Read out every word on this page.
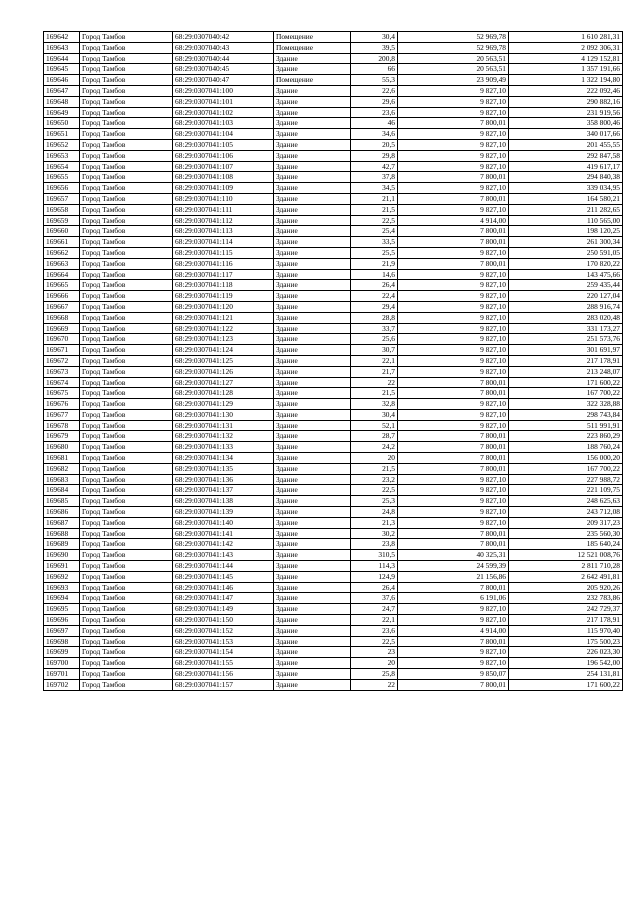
169642	Город Тамбов	68:29:0307040:42	Помещение	30,4	52 969,78	1 610 281,31
169643	Город Тамбов	68:29:0307040:43	Помещение	39,5	52 969,78	2 092 306,31
169644	Город Тамбов	68:29:0307040:44	Здание	200,8	20 563,51	4 129 152,81
169645	Город Тамбов	68:29:0307040:45	Здание	66	20 563,51	1 357 191,66
169646	Город Тамбов	68:29:0307040:47	Помещение	55,3	23 909,49	1 322 194,80
169647	Город Тамбов	68:29:0307041:100	Здание	22,6	9 827,10	222 092,46
169648	Город Тамбов	68:29:0307041:101	Здание	29,6	9 827,10	290 882,16
169649	Город Тамбов	68:29:0307041:102	Здание	23,6	9 827,10	231 919,56
169650	Город Тамбов	68:29:0307041:103	Здание	46	7 800,01	358 800,46
169651	Город Тамбов	68:29:0307041:104	Здание	34,6	9 827,10	340 017,66
169652	Город Тамбов	68:29:0307041:105	Здание	20,5	9 827,10	201 455,55
169653	Город Тамбов	68:29:0307041:106	Здание	29,8	9 827,10	292 847,58
169654	Город Тамбов	68:29:0307041:107	Здание	42,7	9 827,10	419 617,17
169655	Город Тамбов	68:29:0307041:108	Здание	37,8	7 800,01	294 840,38
169656	Город Тамбов	68:29:0307041:109	Здание	34,5	9 827,10	339 034,95
169657	Город Тамбов	68:29:0307041:110	Здание	21,1	7 800,01	164 580,21
169658	Город Тамбов	68:29:0307041:111	Здание	21,5	9 827,10	211 282,65
169659	Город Тамбов	68:29:0307041:112	Здание	22,5	4 914,00	110 565,00
169660	Город Тамбов	68:29:0307041:113	Здание	25,4	7 800,01	198 120,25
169661	Город Тамбов	68:29:0307041:114	Здание	33,5	7 800,01	261 300,34
169662	Город Тамбов	68:29:0307041:115	Здание	25,5	9 827,10	250 591,05
169663	Город Тамбов	68:29:0307041:116	Здание	21,9	7 800,01	170 820,22
169664	Город Тамбов	68:29:0307041:117	Здание	14,6	9 827,10	143 475,66
169665	Город Тамбов	68:29:0307041:118	Здание	26,4	9 827,10	259 435,44
169666	Город Тамбов	68:29:0307041:119	Здание	22,4	9 827,10	220 127,04
169667	Город Тамбов	68:29:0307041:120	Здание	29,4	9 827,10	288 916,74
169668	Город Тамбов	68:29:0307041:121	Здание	28,8	9 827,10	283 020,48
169669	Город Тамбов	68:29:0307041:122	Здание	33,7	9 827,10	331 173,27
169670	Город Тамбов	68:29:0307041:123	Здание	25,6	9 827,10	251 573,76
169671	Город Тамбов	68:29:0307041:124	Здание	30,7	9 827,10	301 691,97
169672	Город Тамбов	68:29:0307041:125	Здание	22,1	9 827,10	217 178,91
169673	Город Тамбов	68:29:0307041:126	Здание	21,7	9 827,10	213 248,07
169674	Город Тамбов	68:29:0307041:127	Здание	22	7 800,01	171 600,22
169675	Город Тамбов	68:29:0307041:128	Здание	21,5	7 800,01	167 700,22
169676	Город Тамбов	68:29:0307041:129	Здание	32,8	9 827,10	322 328,88
169677	Город Тамбов	68:29:0307041:130	Здание	30,4	9 827,10	298 743,84
169678	Город Тамбов	68:29:0307041:131	Здание	52,1	9 827,10	511 991,91
169679	Город Тамбов	68:29:0307041:132	Здание	28,7	7 800,01	223 860,29
169680	Город Тамбов	68:29:0307041:133	Здание	24,2	7 800,01	188 760,24
169681	Город Тамбов	68:29:0307041:134	Здание	20	7 800,01	156 000,20
169682	Город Тамбов	68:29:0307041:135	Здание	21,5	7 800,01	167 700,22
169683	Город Тамбов	68:29:0307041:136	Здание	23,2	9 827,10	227 988,72
169684	Город Тамбов	68:29:0307041:137	Здание	22,5	9 827,10	221 109,75
169685	Город Тамбов	68:29:0307041:138	Здание	25,3	9 827,10	248 625,63
169686	Город Тамбов	68:29:0307041:139	Здание	24,8	9 827,10	243 712,08
169687	Город Тамбов	68:29:0307041:140	Здание	21,3	9 827,10	209 317,23
169688	Город Тамбов	68:29:0307041:141	Здание	30,2	7 800,01	235 560,30
169689	Город Тамбов	68:29:0307041:142	Здание	23,8	7 800,01	185 640,24
169690	Город Тамбов	68:29:0307041:143	Здание	310,5	40 325,31	12 521 008,76
169691	Город Тамбов	68:29:0307041:144	Здание	114,3	24 599,39	2 811 710,28
169692	Город Тамбов	68:29:0307041:145	Здание	124,9	21 156,86	2 642 491,81
169693	Город Тамбов	68:29:0307041:146	Здание	26,4	7 800,01	205 920,26
169694	Город Тамбов	68:29:0307041:147	Здание	37,6	6 191,06	232 783,86
169695	Город Тамбов	68:29:0307041:149	Здание	24,7	9 827,10	242 729,37
169696	Город Тамбов	68:29:0307041:150	Здание	22,1	9 827,10	217 178,91
169697	Город Тамбов	68:29:0307041:152	Здание	23,6	4 914,00	115 970,40
169698	Город Тамбов	68:29:0307041:153	Здание	22,5	7 800,01	175 500,23
169699	Город Тамбов	68:29:0307041:154	Здание	23	9 827,10	226 023,30
169700	Город Тамбов	68:29:0307041:155	Здание	20	9 827,10	196 542,00
169701	Город Тамбов	68:29:0307041:156	Здание	25,8	9 850,07	254 131,81
169702	Город Тамбов	68:29:0307041:157	Здание	22	7 800,01	171 600,22
